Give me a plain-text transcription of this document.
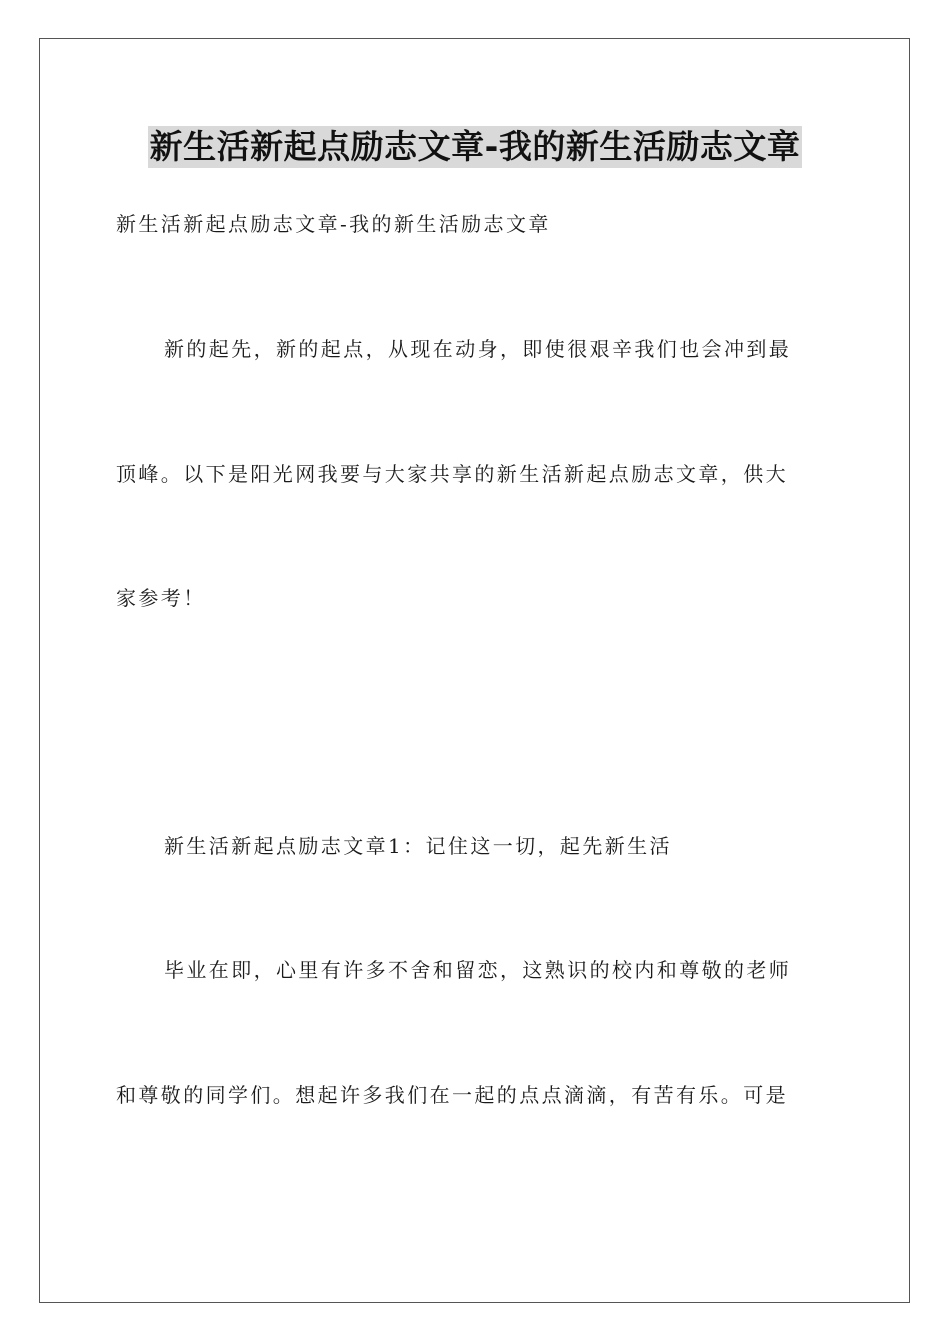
新生活新起点励志文章-我的新生活励志文章
新生活新起点励志文章-我的新生活励志文章
新的起先，新的起点，从现在动身，即使很艰辛我们也会冲到最
顶峰。以下是阳光网我要与大家共享的新生活新起点励志文章，供大
家参考！
新生活新起点励志文章1：记住这一切，起先新生活
毕业在即，心里有许多不舍和留恋，这熟识的校内和尊敬的老师
和尊敬的同学们。想起许多我们在一起的点点滴滴，有苦有乐。可是
